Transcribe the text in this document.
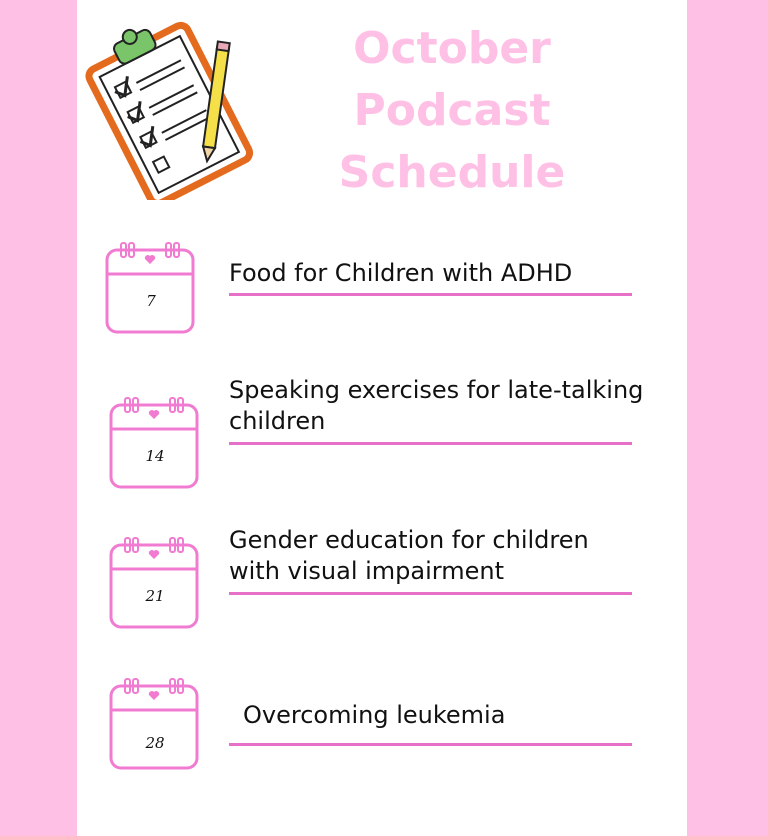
October
Podcast
Schedule
7
Food for Children with ADHD
14
Speaking exercises for late-talking
children
21
Gender education for children
with visual impairment
28
Overcoming leukemia
